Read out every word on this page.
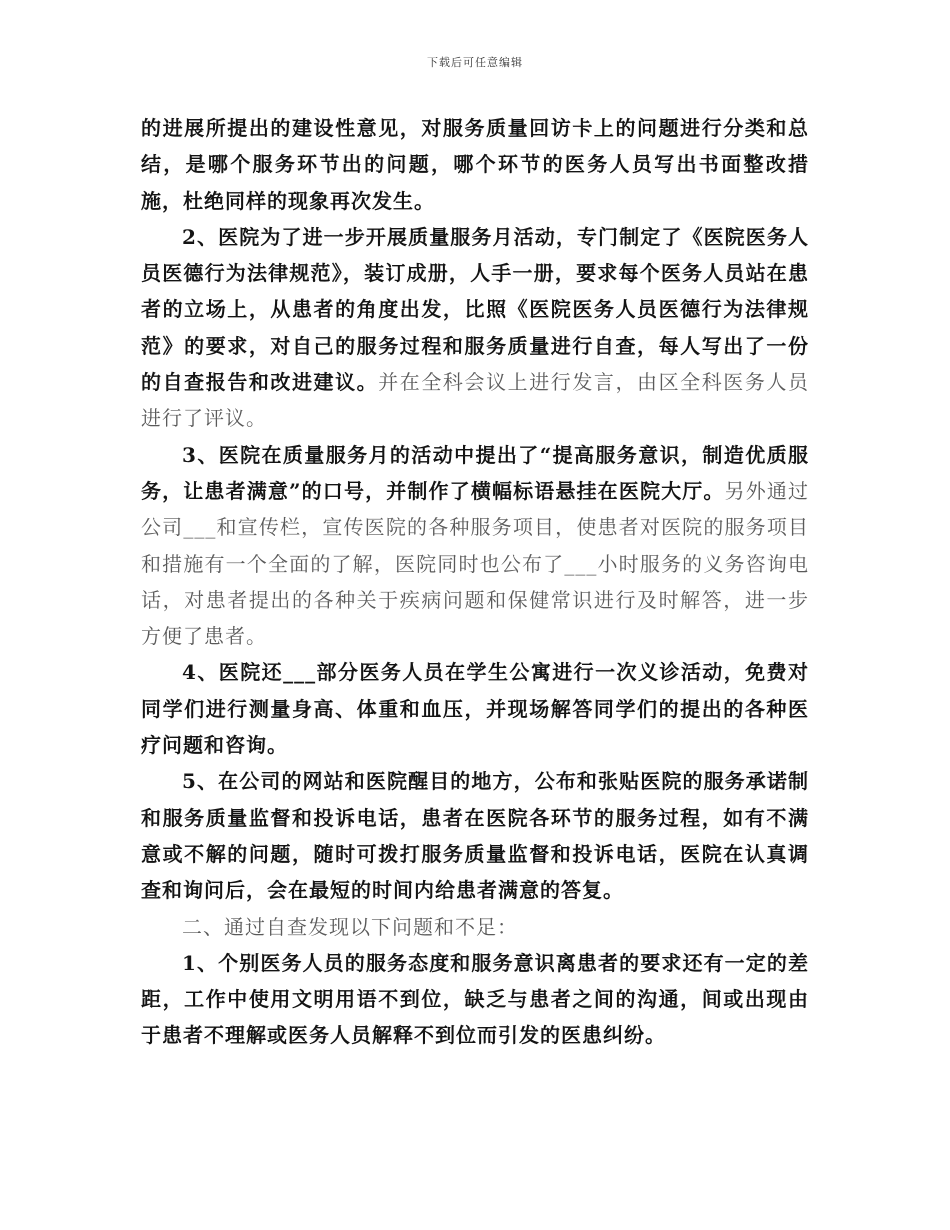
下载后可任意编辑

的进展所提出的建设性意见，对服务质量回访卡上的问题进行分类和总结，是哪个服务环节出的问题，哪个环节的医务人员写出书面整改措施，杜绝同样的现象再次发生。

2、医院为了进一步开展质量服务月活动，专门制定了《医院医务人员医德行为法律规范》，装订成册，人手一册，要求每个医务人员站在患者的立场上，从患者的角度出发，比照《医院医务人员医德行为法律规范》的要求，对自己的服务过程和服务质量进行自查，每人写出了一份的自查报告和改进建议。并在全科会议上进行发言，由区全科医务人员进行了评议。

3、医院在质量服务月的活动中提出了“提高服务意识，制造优质服务，让患者满意”的口号，并制作了横幅标语悬挂在医院大厅。另外通过公司___和宣传栏，宣传医院的各种服务项目，使患者对医院的服务项目和措施有一个全面的了解，医院同时也公布了___小时服务的义务咨询电话，对患者提出的各种关于疾病问题和保健常识进行及时解答，进一步方便了患者。

4、医院还___部分医务人员在学生公寓进行一次义诊活动，免费对同学们进行测量身高、体重和血压，并现场解答同学们的提出的各种医疗问题和咨询。

5、在公司的网站和医院醒目的地方，公布和张贴医院的服务承诺制和服务质量监督和投诉电话，患者在医院各环节的服务过程，如有不满意或不解的问题，随时可拨打服务质量监督和投诉电话，医院在认真调查和询问后，会在最短的时间内给患者满意的答复。

二、通过自查发现以下问题和不足：

1、个别医务人员的服务态度和服务意识离患者的要求还有一定的差距，工作中使用文明用语不到位，缺乏与患者之间的沟通，间或出现由于患者不理解或医务人员解释不到位而引发的医患纠纷。
